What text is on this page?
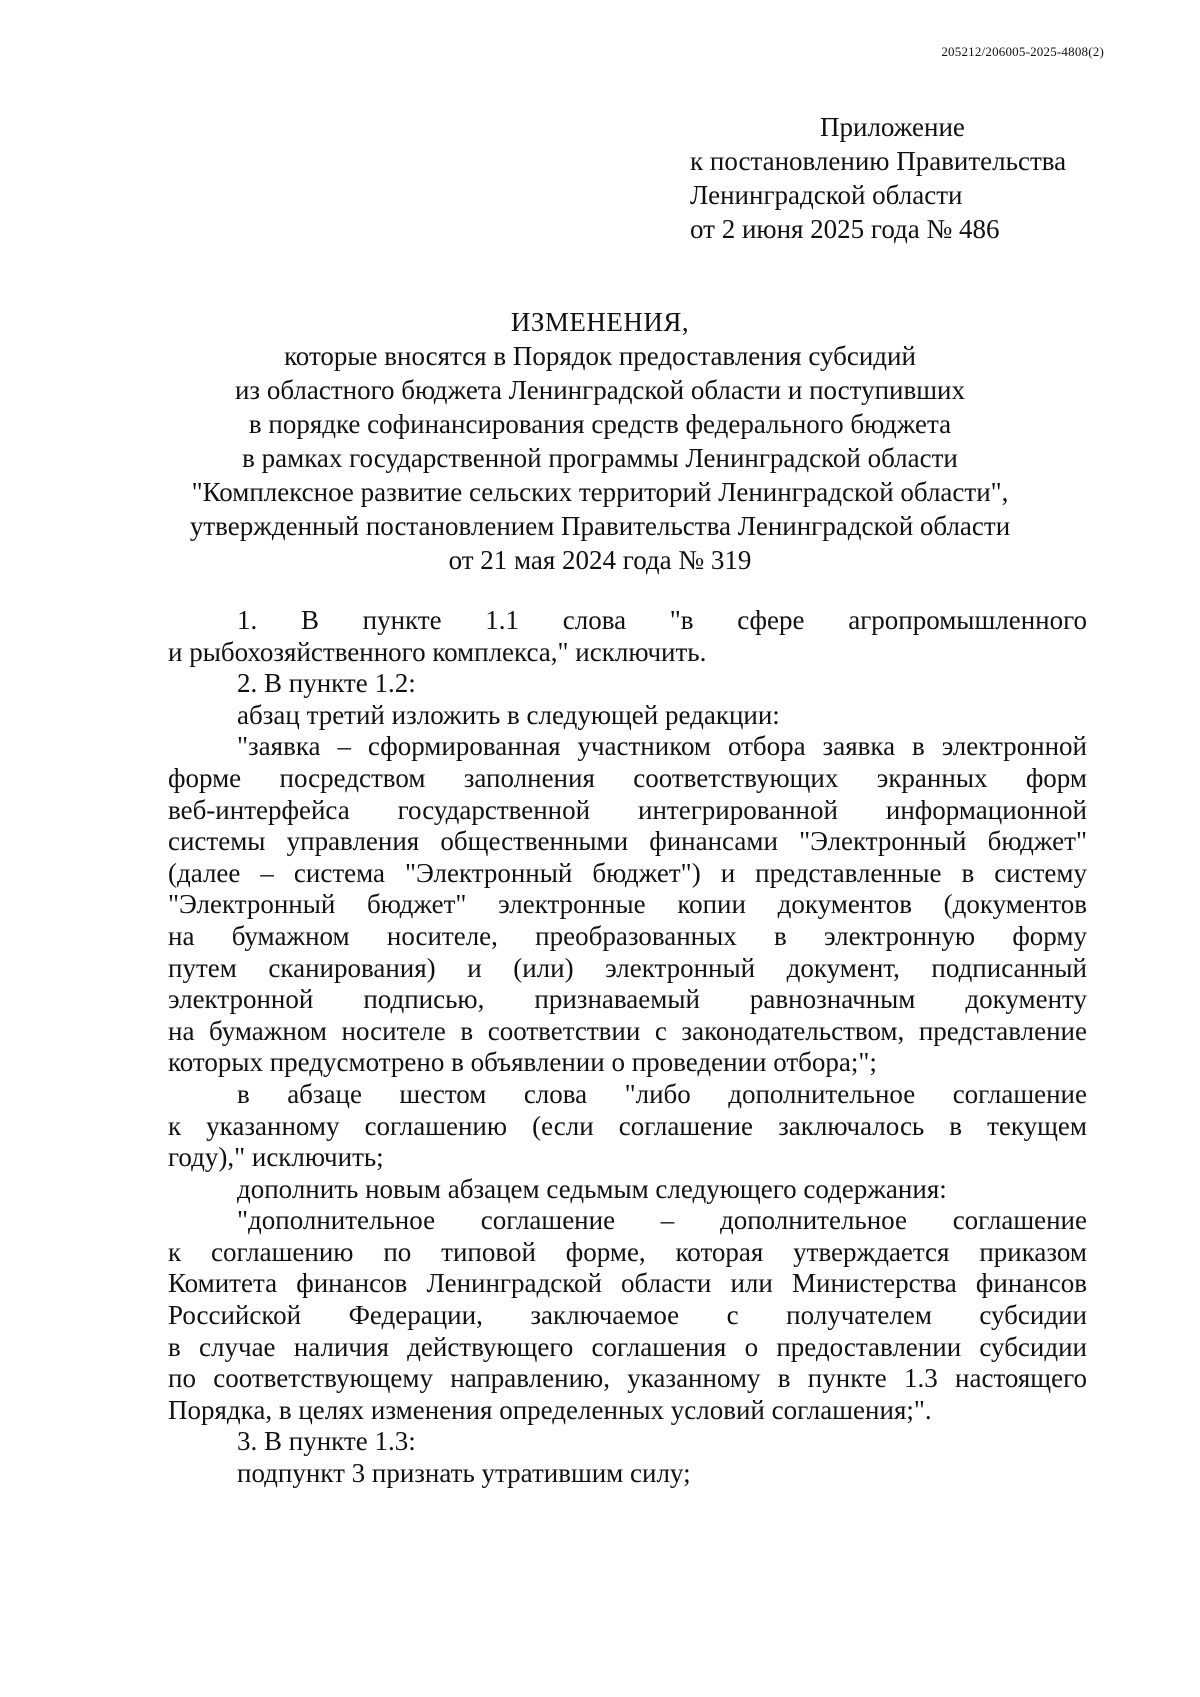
205212/206005-2025-4808(2)
Приложение
к постановлению Правительства
Ленинградской области
от 2 июня 2025 года № 486
ИЗМЕНЕНИЯ,
которые вносятся в Порядок предоставления субсидий
из областного бюджета Ленинградской области и поступивших
в порядке софинансирования средств федерального бюджета
в рамках государственной программы Ленинградской области
"Комплексное развитие сельских территорий Ленинградской области",
утвержденный постановлением Правительства Ленинградской области
от 21 мая 2024 года № 319
1. В пункте 1.1 слова "в сфере агропромышленного
и рыбохозяйственного комплекса," исключить.
2. В пункте 1.2:
абзац третий изложить в следующей редакции:
"заявка – сформированная участником отбора заявка в электронной
форме посредством заполнения соответствующих экранных форм
веб-интерфейса государственной интегрированной информационной
системы управления общественными финансами "Электронный бюджет"
(далее – система "Электронный бюджет") и представленные в систему
"Электронный бюджет" электронные копии документов (документов
на бумажном носителе, преобразованных в электронную форму
путем сканирования) и (или) электронный документ, подписанный
электронной подписью, признаваемый равнозначным документу
на бумажном носителе в соответствии с законодательством, представление
которых предусмотрено в объявлении о проведении отбора;";
в абзаце шестом слова "либо дополнительное соглашение
к указанному соглашению (если соглашение заключалось в текущем
году)," исключить;
дополнить новым абзацем седьмым следующего содержания:
"дополнительное соглашение – дополнительное соглашение
к соглашению по типовой форме, которая утверждается приказом
Комитета финансов Ленинградской области или Министерства финансов
Российской Федерации, заключаемое с получателем субсидии
в случае наличия действующего соглашения о предоставлении субсидии
по соответствующему направлению, указанному в пункте 1.3 настоящего
Порядка, в целях изменения определенных условий соглашения;".
3. В пункте 1.3:
подпункт 3 признать утратившим силу;
